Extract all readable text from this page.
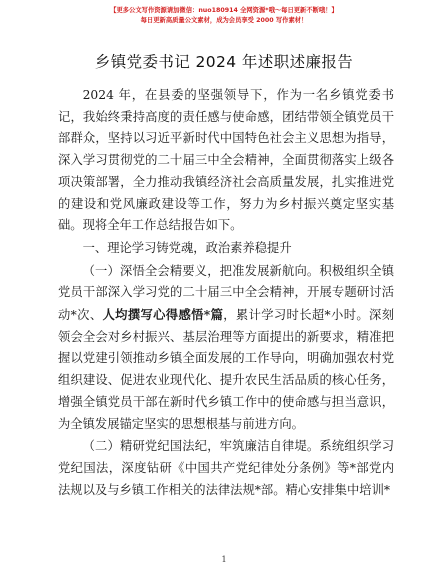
【更多公文写作资源请加微信：nuo180914 全网资源*哦～每日更新不断哦！】
每日更新高质量公文素材，成为会员享受 2000 写作素材！
乡镇党委书记 2024 年述职述廉报告

2024 年，在县委的坚强领导下，作为一名乡镇党委书记，我始终秉持高度的责任感与使命感，团结带领全镇党员干部群众，坚持以习近平新时代中国特色社会主义思想为指导，深入学习贯彻党的二十届三中全会精神，全面贯彻落实上级各项决策部署，全力推动我镇经济社会高质量发展，扎实推进党的建设和党风廉政建设等工作，努力为乡村振兴奠定坚实基础。现将全年工作总结报告如下。

一、理论学习铸党魂，政治素养稳提升

（一）深悟全会精要义，把准发展新航向。积极组织全镇党员干部深入学习党的二十届三中全会精神，开展专题研讨活动*次、人均撰写心得感悟*篇，累计学习时长超*小时。深刻领会全会对乡村振兴、基层治理等方面提出的新要求，精准把握以党建引领推动乡镇全面发展的工作导向，明确加强农村党组织建设、促进农业现代化、提升农民生活品质的核心任务，增强全镇党员干部在新时代乡镇工作中的使命感与担当意识，为全镇发展锚定坚实的思想根基与前进方向。

（二）精研党纪国法纪，牢筑廉洁自律堤。系统组织学习党纪国法，深度钻研《中国共产党纪律处分条例》等*部党内法规以及与乡镇工作相关的法律法规*部。精心安排集中培训*

1
